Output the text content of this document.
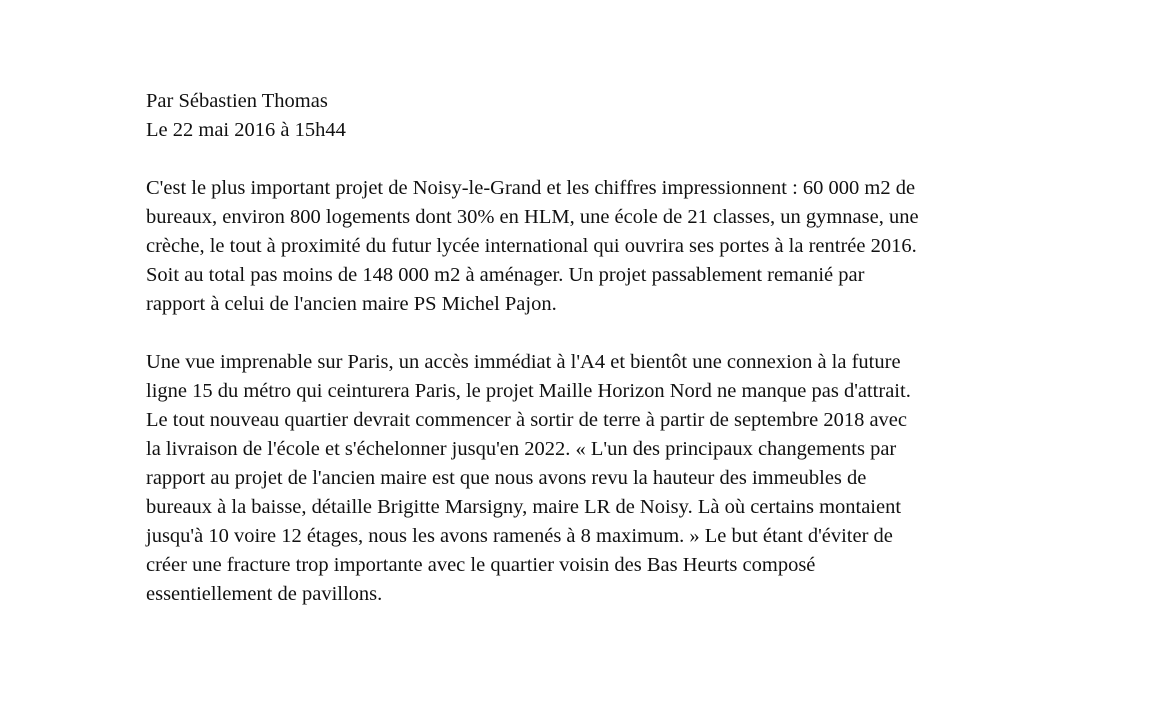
Par Sébastien Thomas

Le 22 mai 2016 à 15h44

C'est le plus important projet de Noisy-le-Grand et les chiffres impressionnent : 60 000 m2 de
bureaux, environ 800 logements dont 30% en HLM, une école de 21 classes, un gymnase, une
crèche, le tout à proximité du futur lycée international qui ouvrira ses portes à la rentrée 2016.
Soit au total pas moins de 148 000 m2 à aménager. Un projet passablement remanié par
rapport à celui de l'ancien maire PS Michel Pajon.

Une vue imprenable sur Paris, un accès immédiat à l'A4 et bientôt une connexion à la future
ligne 15 du métro qui ceinturera Paris, le projet Maille Horizon Nord ne manque pas d'attrait.
Le tout nouveau quartier devrait commencer à sortir de terre à partir de septembre 2018 avec
la livraison de l'école et s'échelonner jusqu'en 2022. « L'un des principaux changements par
rapport au projet de l'ancien maire est que nous avons revu la hauteur des immeubles de
bureaux à la baisse, détaille Brigitte Marsigny, maire LR de Noisy. Là où certains montaient
jusqu'à 10 voire 12 étages, nous les avons ramenés à 8 maximum. » Le but étant d'éviter de
créer une fracture trop importante avec le quartier voisin des Bas Heurts composé
essentiellement de pavillons.
